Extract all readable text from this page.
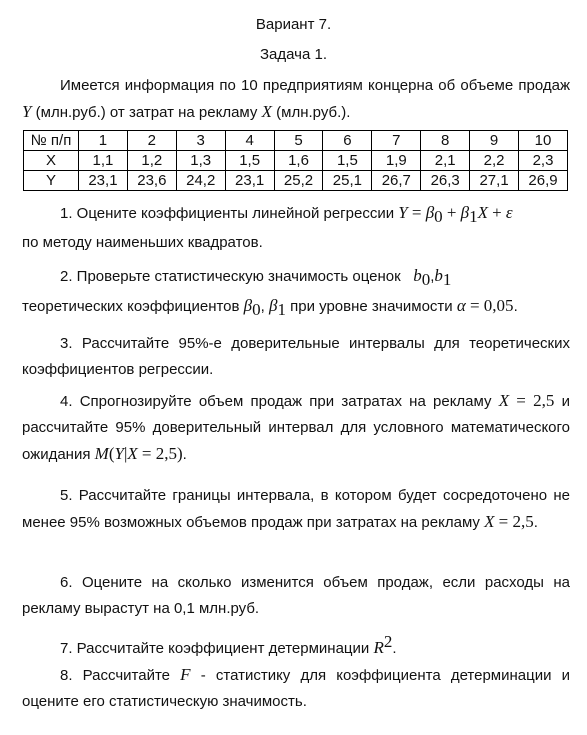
Вариант 7.
Задача 1.
Имеется информация по 10 предприятиям концерна об объеме продаж Y (млн.руб.) от затрат на рекламу X (млн.руб.).
№ п/п	1	2	3	4	5	6	7	8	9	10
X	1,1	1,2	1,3	1,5	1,6	1,5	1,9	2,1	2,2	2,3
Y	23,1	23,6	24,2	23,1	25,2	25,1	26,7	26,3	27,1	26,9
1. Оцените коэффициенты линейной регрессии $Y = \beta_0 + \beta_1X + \varepsilon$
по методу наименьших квадратов.
2. Проверьте статистическую значимость оценок $b_0,b_1$
теоретических коэффициентов $\beta_0$, $\beta_1$ при уровне значимости α = 0,05.
3. Рассчитайте 95%-е доверительные интервалы для теоретических коэффициентов регрессии.
4. Спрогнозируйте объем продаж при затратах на рекламу X = 2,5 и рассчитайте 95% доверительный интервал для условного математического ожидания M(Y|X = 2,5).
5. Рассчитайте границы интервала, в котором будет сосредоточено не менее 95% возможных объемов продаж при затратах на рекламу X = 2,5.
6. Оцените на сколько изменится объем продаж, если расходы на рекламу вырастут на 0,1 млн.руб.
7. Рассчитайте коэффициент детерминации $R^2$.
8. Рассчитайте F - статистику для коэффициента детерминации и оцените его статистическую значимость.
